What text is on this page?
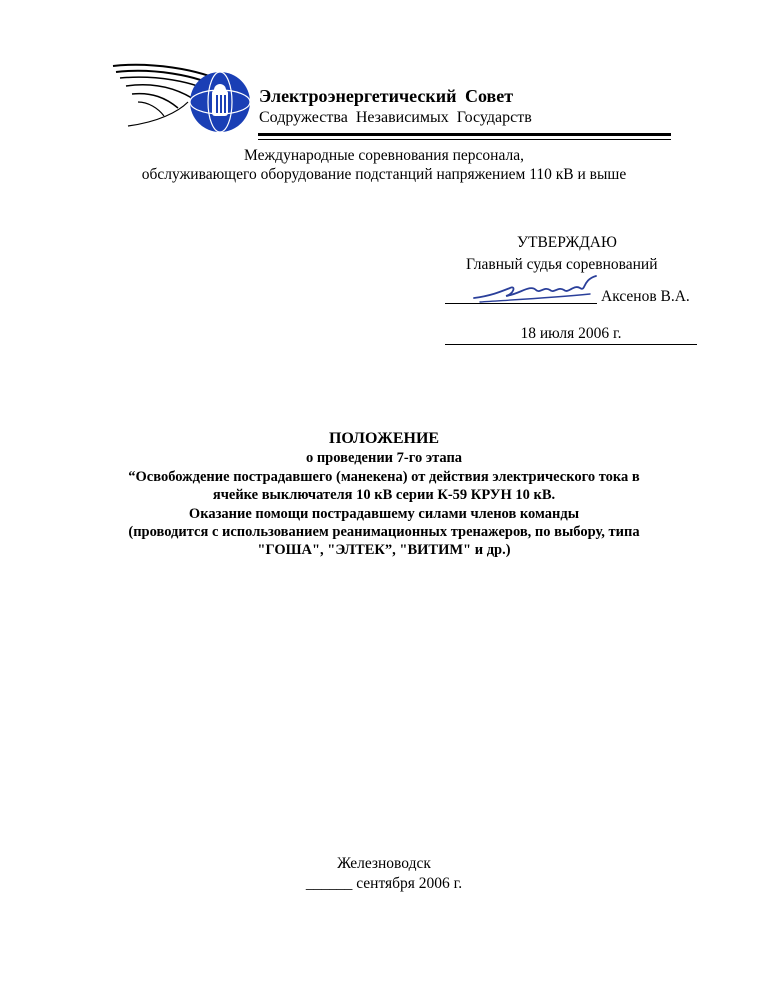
Электроэнергетический Совет
Содружества Независимых Государств
Международные соревнования персонала,
обслуживающего оборудование подстанций напряжением 110 кВ и выше
УТВЕРЖДАЮ
Главный судья соревнований
Аксенов В.А.
18 июля 2006 г.
ПОЛОЖЕНИЕ
о проведении 7-го этапа
“Освобождение пострадавшего (манекена) от действия электрического тока в
ячейке выключателя 10 кВ серии К-59 КРУН 10 кВ.
Оказание помощи пострадавшему силами членов команды
(проводится с использованием реанимационных тренажеров, по выбору, типа
"ГОША", "ЭЛТЕК”, "ВИТИМ" и др.)
Железноводск
______ сентября 2006 г.
